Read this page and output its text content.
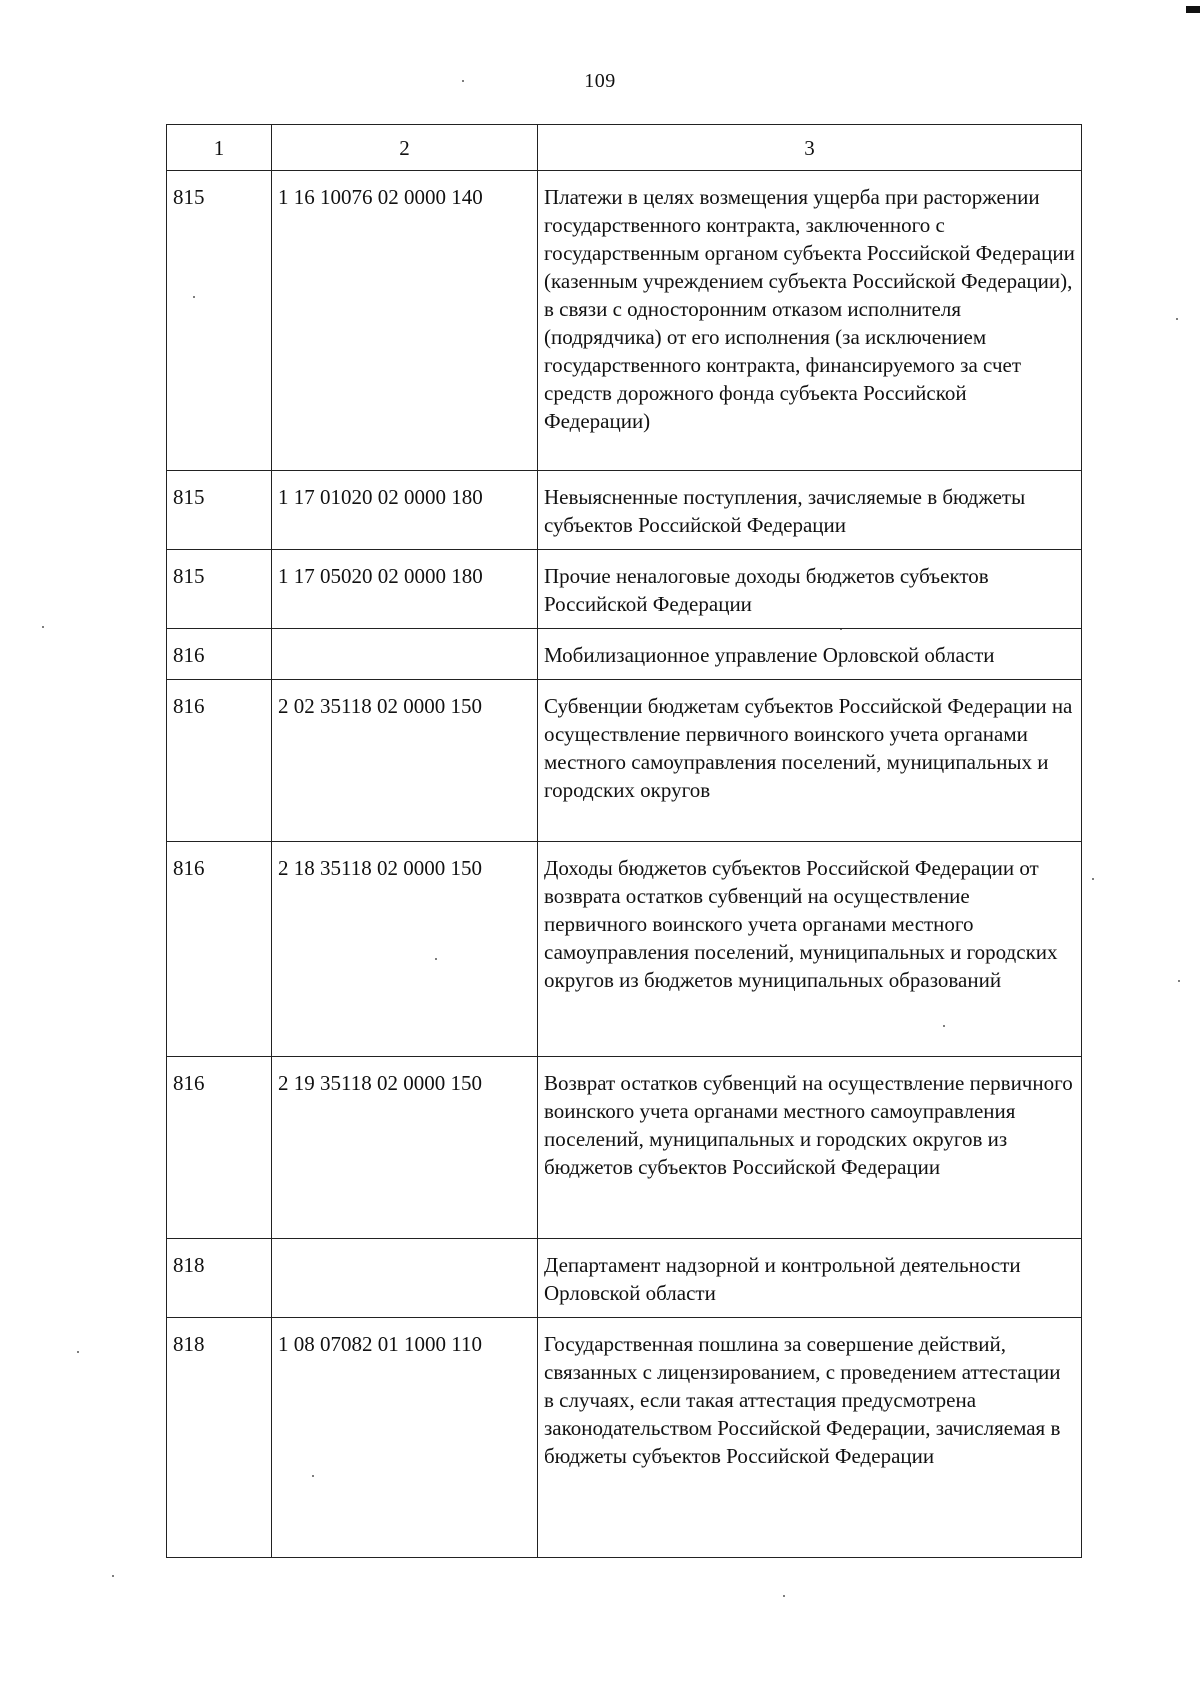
109
1	2	3
815	1 16 10076 02 0000 140	Платежи в целях возмещения ущерба при расторжении государственного контракта, заключенного с государственным органом субъекта Российской Федерации (казенным учреждением субъекта Российской Федерации), в связи с односторонним отказом исполнителя (подрядчика) от его исполнения (за исключением государственного контракта, финансируемого за счет средств дорожного фонда субъекта Российской Федерации)
815	1 17 01020 02 0000 180	Невыясненные поступления, зачисляемые в бюджеты субъектов Российской Федерации
815	1 17 05020 02 0000 180	Прочие неналоговые доходы бюджетов субъектов Российской Федерации
816		Мобилизационное управление Орловской области
816	2 02 35118 02 0000 150	Субвенции бюджетам субъектов Российской Федерации на осуществление первичного воинского учета органами местного самоуправления поселений, муниципальных и городских округов
816	2 18 35118 02 0000 150	Доходы бюджетов субъектов Российской Федерации от возврата остатков субвенций на осуществление первичного воинского учета органами местного самоуправления поселений, муниципальных и городских округов из бюджетов муниципальных образований
816	2 19 35118 02 0000 150	Возврат остатков субвенций на осуществление первичного воинского учета органами местного самоуправления поселений, муниципальных и городских округов из бюджетов субъектов Российской Федерации
818		Департамент надзорной и контрольной деятельности Орловской области
818	1 08 07082 01 1000 110	Государственная пошлина за совершение действий, связанных с лицензированием, с проведением аттестации в случаях, если такая аттестация предусмотрена законодательством Российской Федерации, зачисляемая в бюджеты субъектов Российской Федерации
